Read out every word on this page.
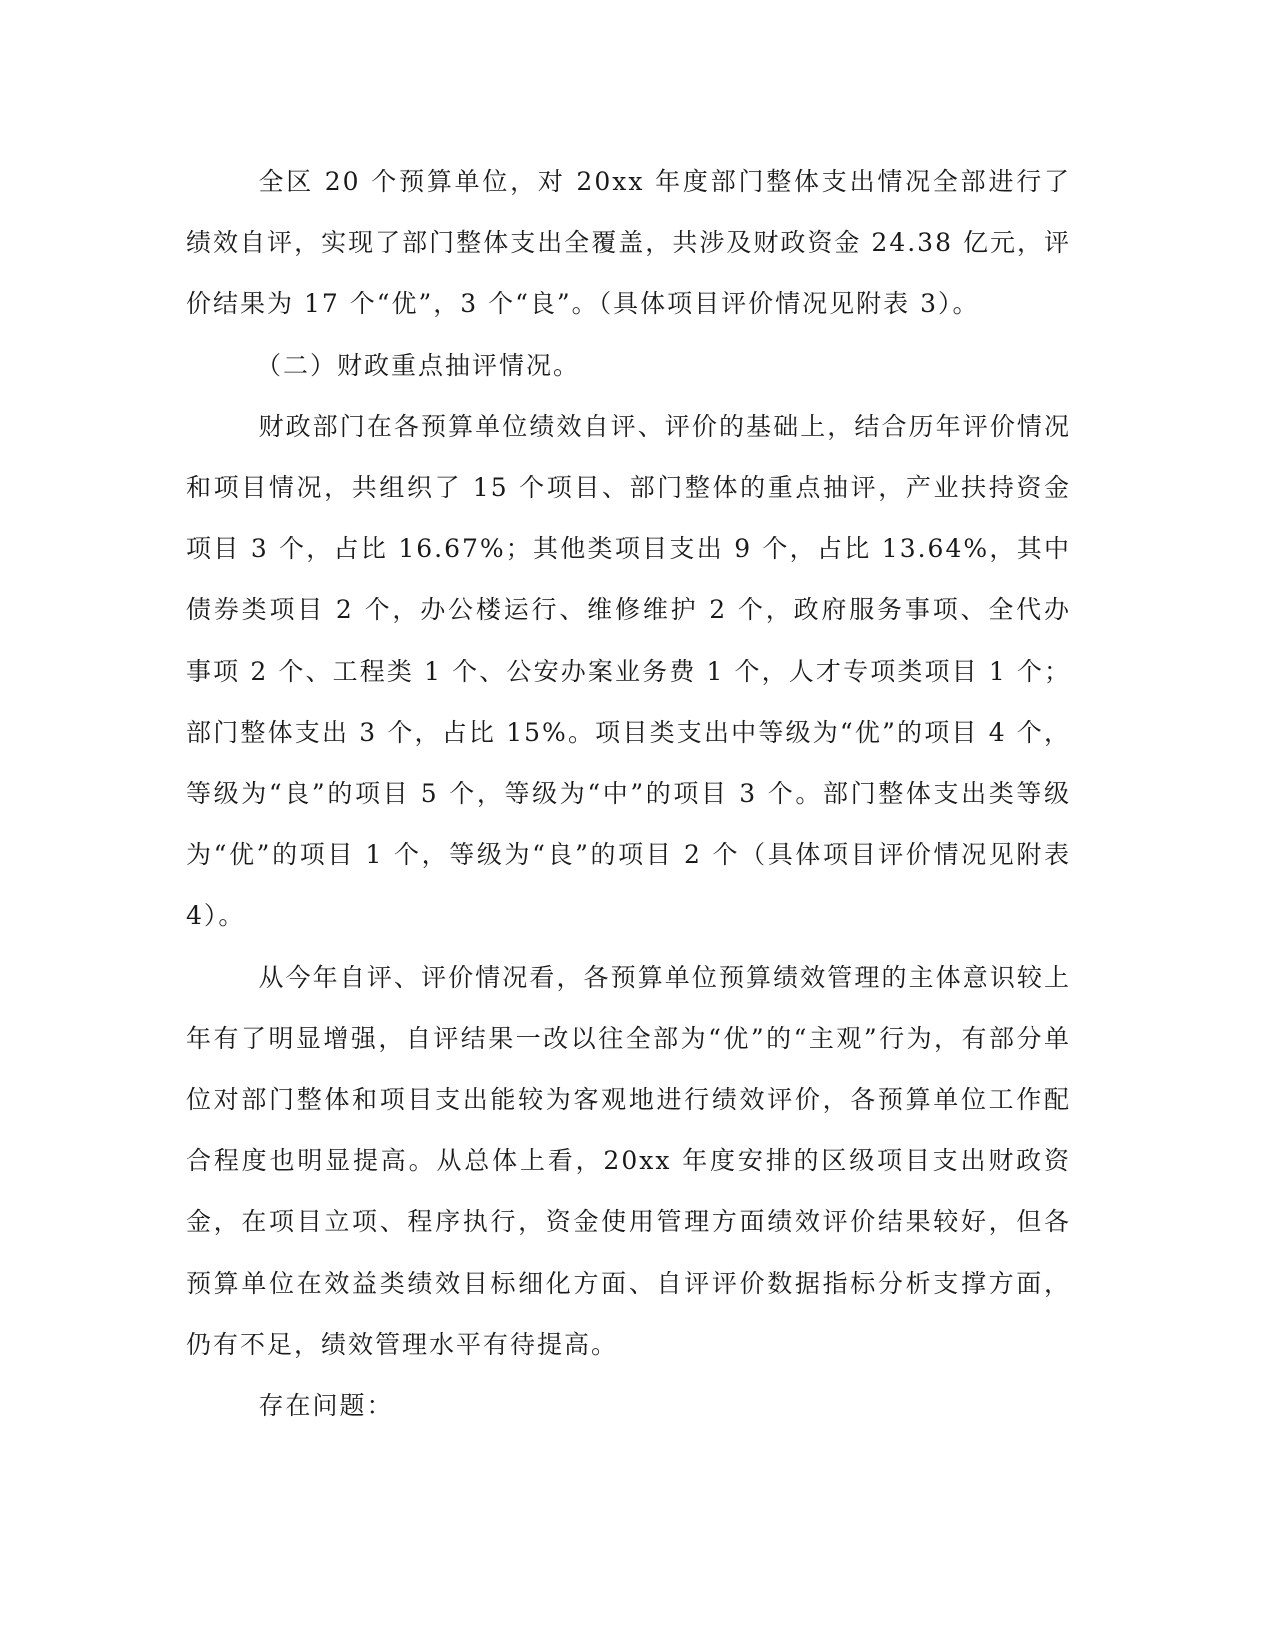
全区 20 个预算单位，对 20xx 年度部门整体支出情况全部进行了绩效自评，实现了部门整体支出全覆盖，共涉及财政资金 24.38 亿元，评价结果为 17 个“优”，3 个“良”。（具体项目评价情况见附表 3）。

（二）财政重点抽评情况。

财政部门在各预算单位绩效自评、评价的基础上，结合历年评价情况和项目情况，共组织了 15 个项目、部门整体的重点抽评，产业扶持资金项目 3 个，占比 16.67%；其他类项目支出 9 个，占比 13.64%，其中债券类项目 2 个，办公楼运行、维修维护 2 个，政府服务事项、全代办事项 2 个、工程类 1 个、公安办案业务费 1 个，人才专项类项目 1 个；部门整体支出 3 个，占比 15%。项目类支出中等级为“优”的项目 4 个，等级为“良”的项目 5 个，等级为“中”的项目 3 个。部门整体支出类等级为“优”的项目 1 个，等级为“良”的项目 2 个（具体项目评价情况见附表 4）。

从今年自评、评价情况看，各预算单位预算绩效管理的主体意识较上年有了明显增强，自评结果一改以往全部为“优”的“主观”行为，有部分单位对部门整体和项目支出能较为客观地进行绩效评价，各预算单位工作配合程度也明显提高。从总体上看，20xx 年度安排的区级项目支出财政资金，在项目立项、程序执行，资金使用管理方面绩效评价结果较好，但各预算单位在效益类绩效目标细化方面、自评评价数据指标分析支撑方面，仍有不足，绩效管理水平有待提高。

存在问题：
